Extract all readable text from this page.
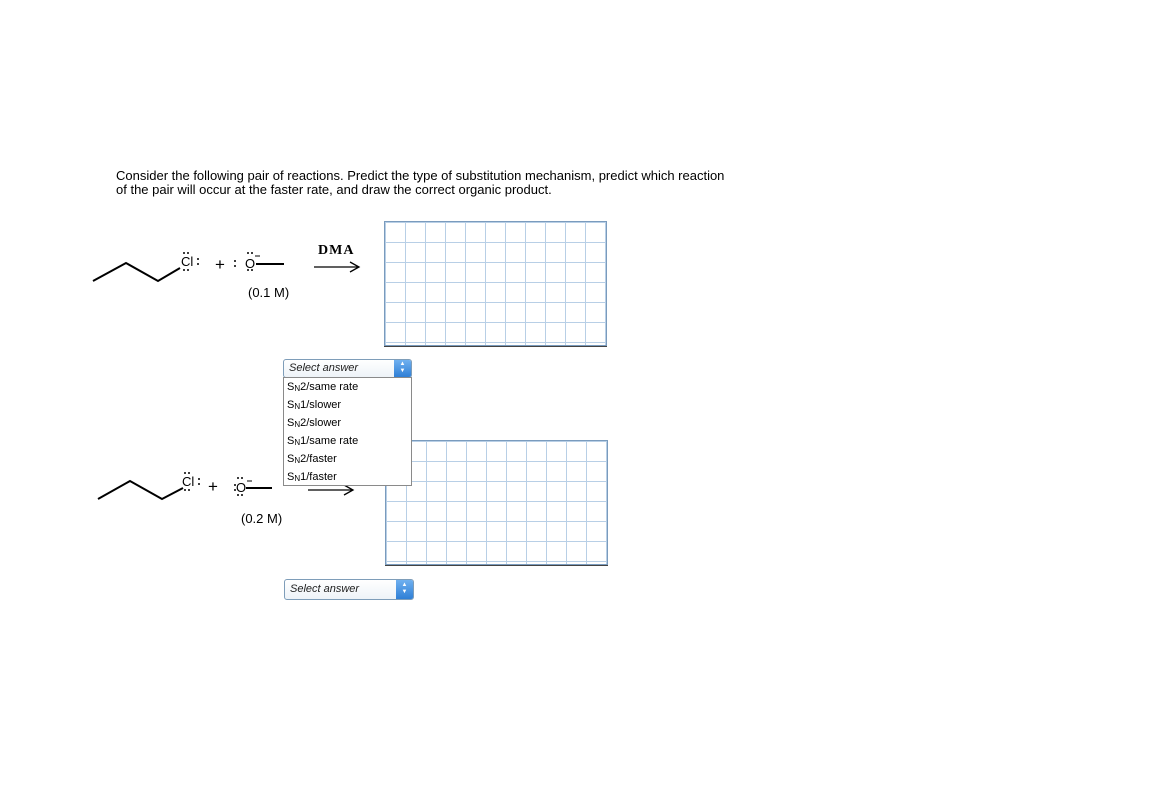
Consider the following pair of reactions. Predict the type of substitution mechanism, predict which reaction

of the pair will occur at the faster rate, and draw the correct organic product.

Cl + O
(0.1 M)
DMA
Select answer	▲
▼
$S_N2$/same rate
$S_N1$/slower
$S_N2$/slower
$S_N1$/same rate
$S_N2$/faster
$S_N1$/faster
Cl + O
(0.2 M)
Select answer	▲
▼
